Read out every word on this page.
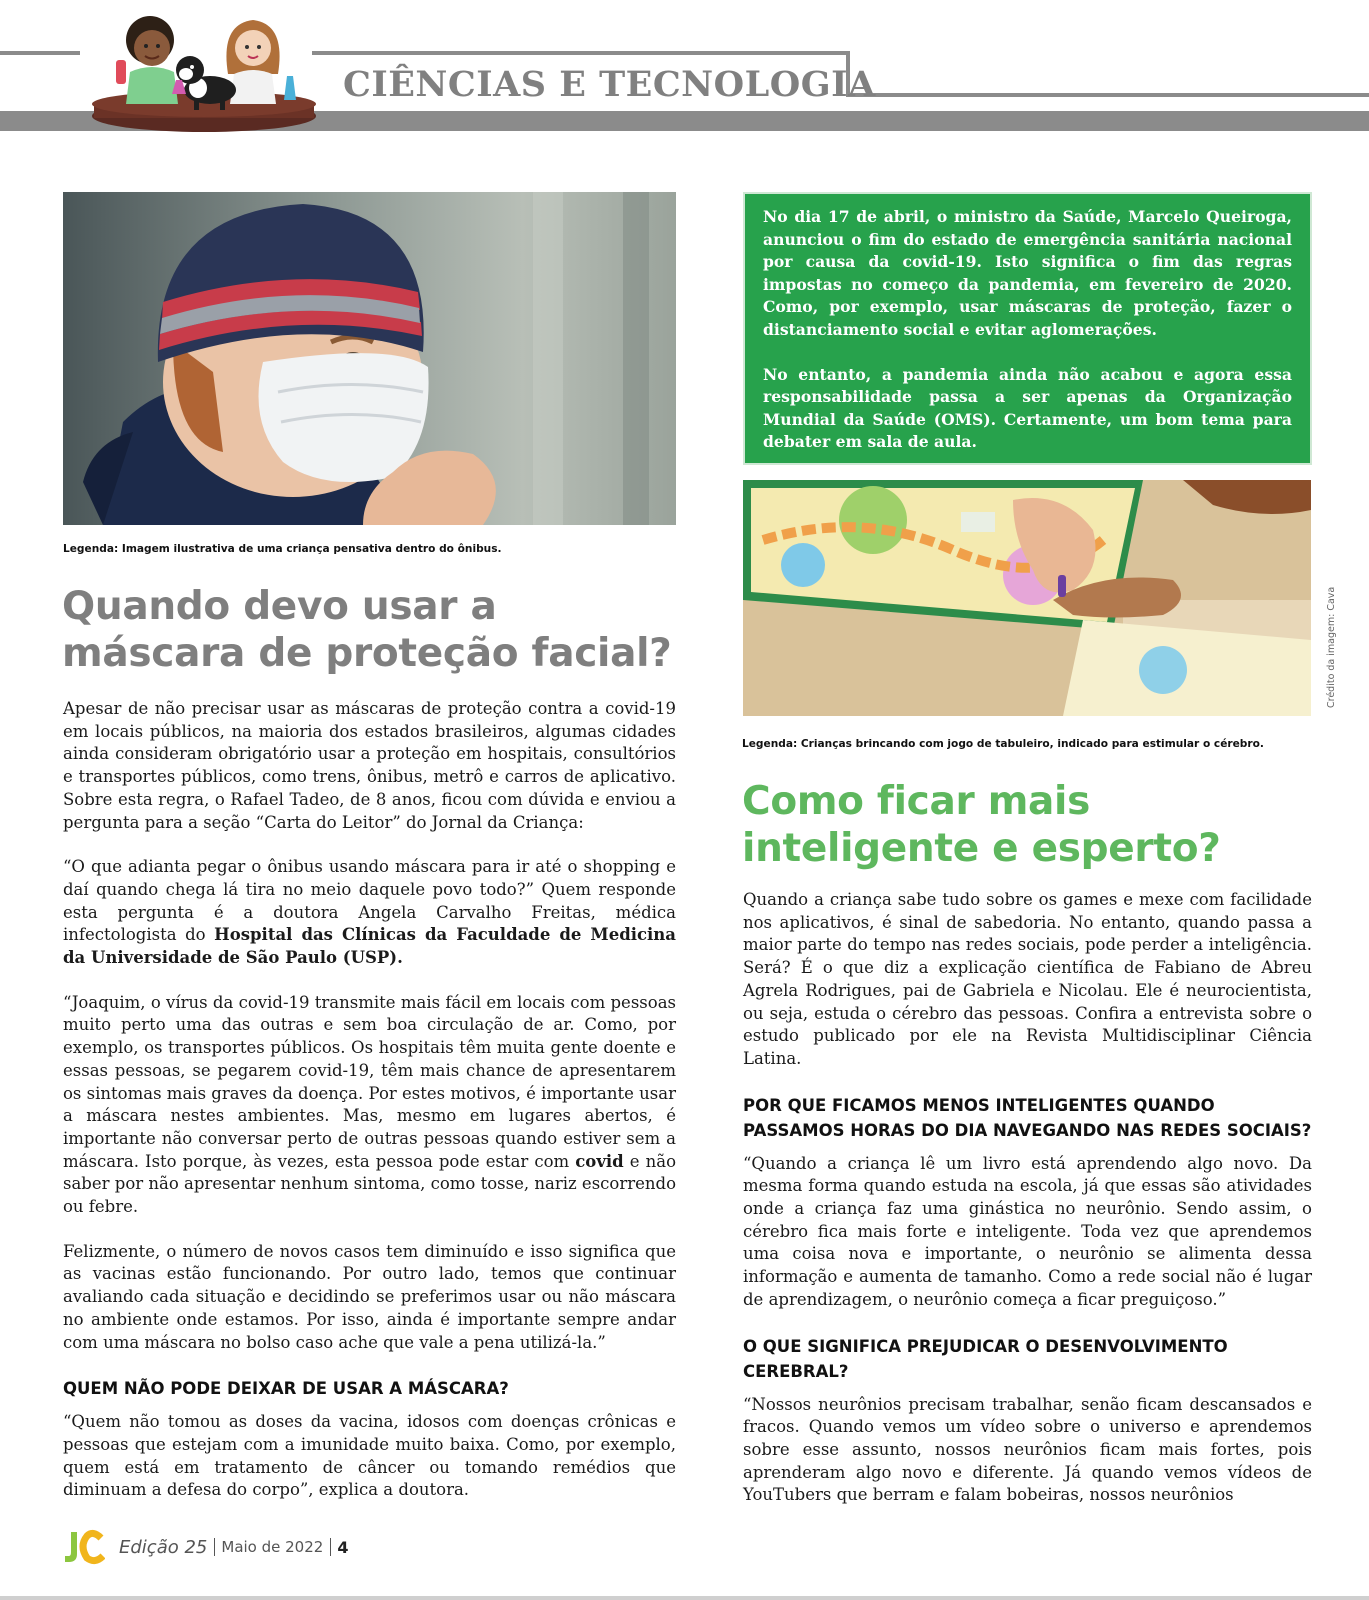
CIÊNCIAS E TECNOLOGIA
Legenda: Imagem ilustrativa de uma criança pensativa dentro do ônibus.
Quando devo usar a máscara de proteção facial?

Apesar de não precisar usar as máscaras de proteção contra a covid-19 em locais públicos, na maioria dos estados brasileiros, algumas cidades ainda consideram obrigatório usar a proteção em hospitais, consultórios e transportes públicos, como trens, ônibus, metrô e carros de aplicativo. Sobre esta regra, o Rafael Tadeo, de 8 anos, ficou com dúvida e enviou a pergunta para a seção “Carta do Leitor” do Jornal da Criança:

“O que adianta pegar o ônibus usando máscara para ir até o shopping e daí quando chega lá tira no meio daquele povo todo?” Quem responde esta pergunta é a doutora Angela Carvalho Freitas, médica infectologista do Hospital das Clínicas da Faculdade de Medicina da Universidade de São Paulo (USP).

“Joaquim, o vírus da covid-19 transmite mais fácil em locais com pessoas muito perto uma das outras e sem boa circulação de ar. Como, por exemplo, os transportes públicos. Os hospitais têm muita gente doente e essas pessoas, se pegarem covid-19, têm mais chance de apresentarem os sintomas mais graves da doença. Por estes motivos, é importante usar a máscara nestes ambientes. Mas, mesmo em lugares abertos, é importante não conversar perto de outras pessoas quando estiver sem a máscara. Isto porque, às vezes, esta pessoa pode estar com covid e não saber por não apresentar nenhum sintoma, como tosse, nariz escorrendo ou febre.

Felizmente, o número de novos casos tem diminuído e isso significa que as vacinas estão funcionando. Por outro lado, temos que continuar avaliando cada situação e decidindo se preferimos usar ou não máscara no ambiente onde estamos. Por isso, ainda é importante sempre andar com uma máscara no bolso caso ache que vale a pena utilizá-la.”

QUEM NÃO PODE DEIXAR DE USAR A MÁSCARA?

“Quem não tomou as doses da vacina, idosos com doenças crônicas e pessoas que estejam com a imunidade muito baixa. Como, por exemplo, quem está em tratamento de câncer ou tomando remédios que diminuam a defesa do corpo”, explica a doutora.

No dia 17 de abril, o ministro da Saúde, Marcelo Queiroga, anunciou o fim do estado de emergência sanitária nacional por causa da covid-19. Isto significa o fim das regras impostas no começo da pandemia, em fevereiro de 2020. Como, por exemplo, usar máscaras de proteção, fazer o distanciamento social e evitar aglomerações.

No entanto, a pandemia ainda não acabou e agora essa responsabilidade passa a ser apenas da Organização Mundial da Saúde (OMS). Certamente, um bom tema para debater em sala de aula.

Legenda: Crianças brincando com jogo de tabuleiro, indicado para estimular o cérebro.
Crédito da imagem: Cava
Como ficar mais inteligente e esperto?

Quando a criança sabe tudo sobre os games e mexe com facilidade nos aplicativos, é sinal de sabedoria. No entanto, quando passa a maior parte do tempo nas redes sociais, pode perder a inteligência. Será? É o que diz a explicação científica de Fabiano de Abreu Agrela Rodrigues, pai de Gabriela e Nicolau. Ele é neurocientista, ou seja, estuda o cérebro das pessoas. Confira a entrevista sobre o estudo publicado por ele na Revista Multidisciplinar Ciência Latina.

POR QUE FICAMOS MENOS INTELIGENTES QUANDO PASSAMOS HORAS DO DIA NAVEGANDO NAS REDES SOCIAIS?

“Quando a criança lê um livro está aprendendo algo novo. Da mesma forma quando estuda na escola, já que essas são atividades onde a criança faz uma ginástica no neurônio. Sendo assim, o cérebro fica mais forte e inteligente. Toda vez que aprendemos uma coisa nova e importante, o neurônio se alimenta dessa informação e aumenta de tamanho. Como a rede social não é lugar de aprendizagem, o neurônio começa a ficar preguiçoso.”

O QUE SIGNIFICA PREJUDICAR O DESENVOLVIMENTO CEREBRAL?

“Nossos neurônios precisam trabalhar, senão ficam descansados e fracos. Quando vemos um vídeo sobre o universo e aprendemos sobre esse assunto, nossos neurônios ficam mais fortes, pois aprenderam algo novo e diferente. Já quando vemos vídeos de YouTubers que berram e falam bobeiras, nossos neurônios

Edição 25 Maio de 2022 4
